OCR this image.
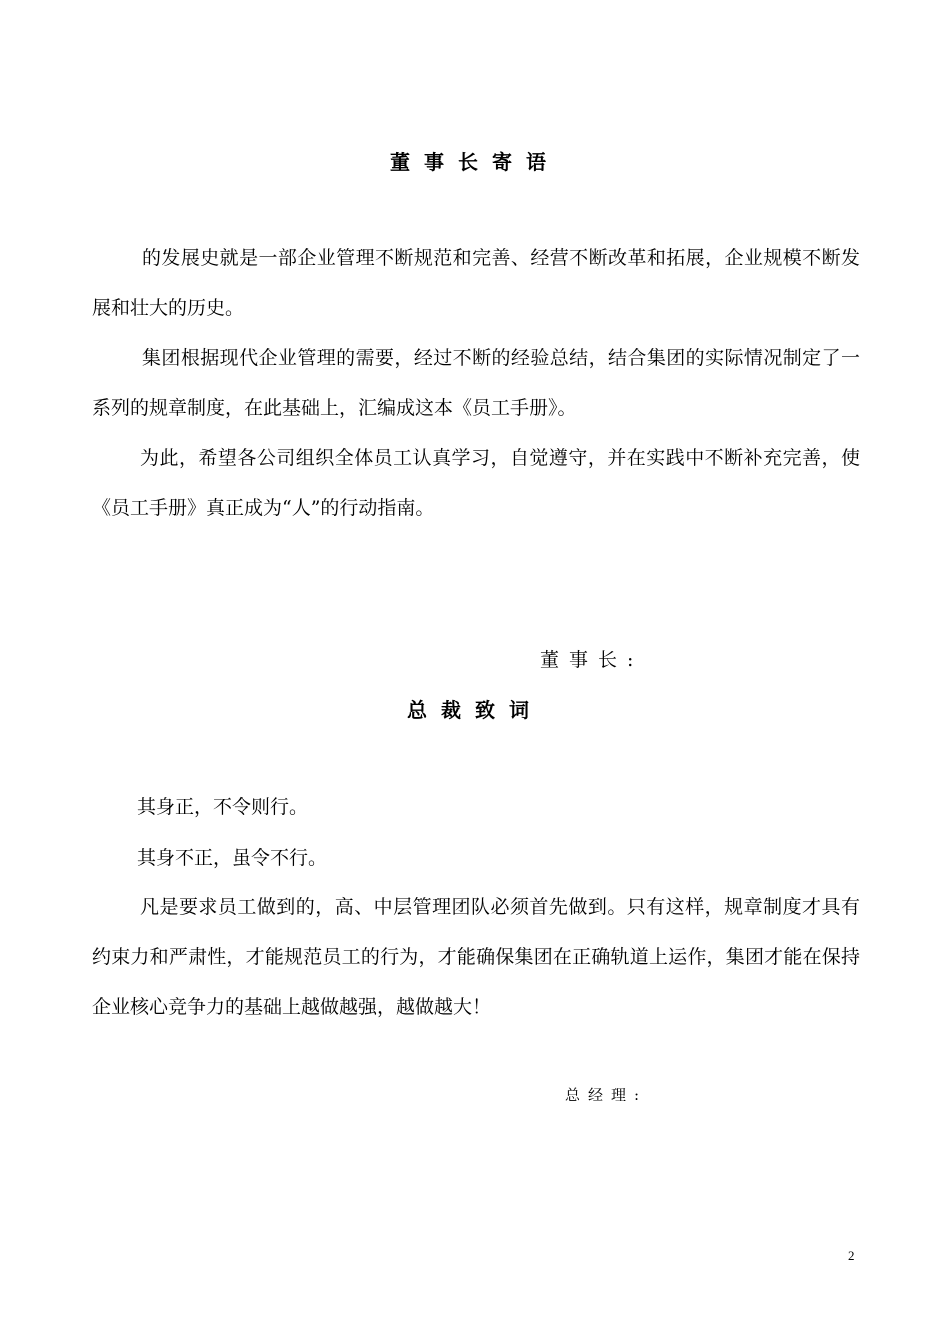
董事长寄语
的发展史就是一部企业管理不断规范和完善、经营不断改革和拓展，企业规模不断发展和壮大的历史。
集团根据现代企业管理的需要，经过不断的经验总结，结合集团的实际情况制定了一系列的规章制度，在此基础上，汇编成这本《员工手册》。
为此，希望各公司组织全体员工认真学习，自觉遵守，并在实践中不断补充完善，使《员工手册》真正成为“人”的行动指南。
董事长:
总裁致词
其身正，不令则行。
其身不正，虽令不行。
凡是要求员工做到的，高、中层管理团队必须首先做到。只有这样，规章制度才具有约束力和严肃性，才能规范员工的行为，才能确保集团在正确轨道上运作，集团才能在保持企业核心竞争力的基础上越做越强，越做越大！
总经理:
2
